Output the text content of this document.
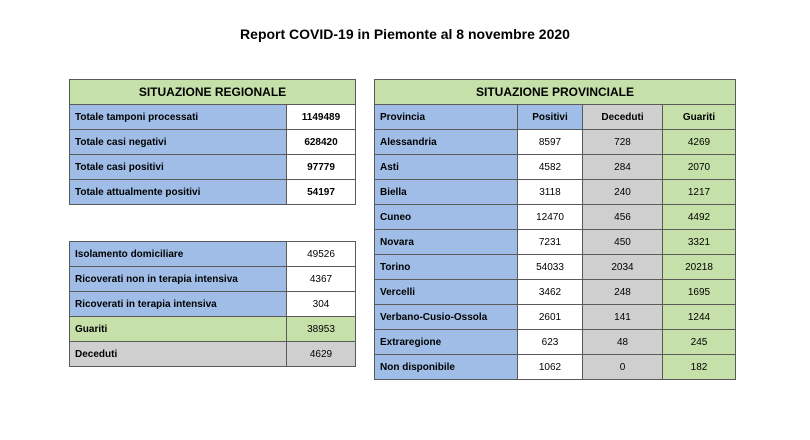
Report COVID-19 in Piemonte al 8 novembre 2020
SITUAZIONE REGIONALE	
Totale tamponi processati	1149489
Totale casi negativi	628420
Totale casi positivi	97779
Totale attualmente positivi	54197
Isolamento domiciliare	49526
Ricoverati non in terapia intensiva	4367
Ricoverati in terapia intensiva	304
Guariti	38953
Deceduti	4629
SITUAZIONE PROVINCIALE			
Provincia	Positivi	Deceduti	Guariti
Alessandria	8597	728	4269
Asti	4582	284	2070
Biella	3118	240	1217
Cuneo	12470	456	4492
Novara	7231	450	3321
Torino	54033	2034	20218
Vercelli	3462	248	1695
Verbano-Cusio-Ossola	2601	141	1244
Extraregione	623	48	245
Non disponibile	1062	0	182
